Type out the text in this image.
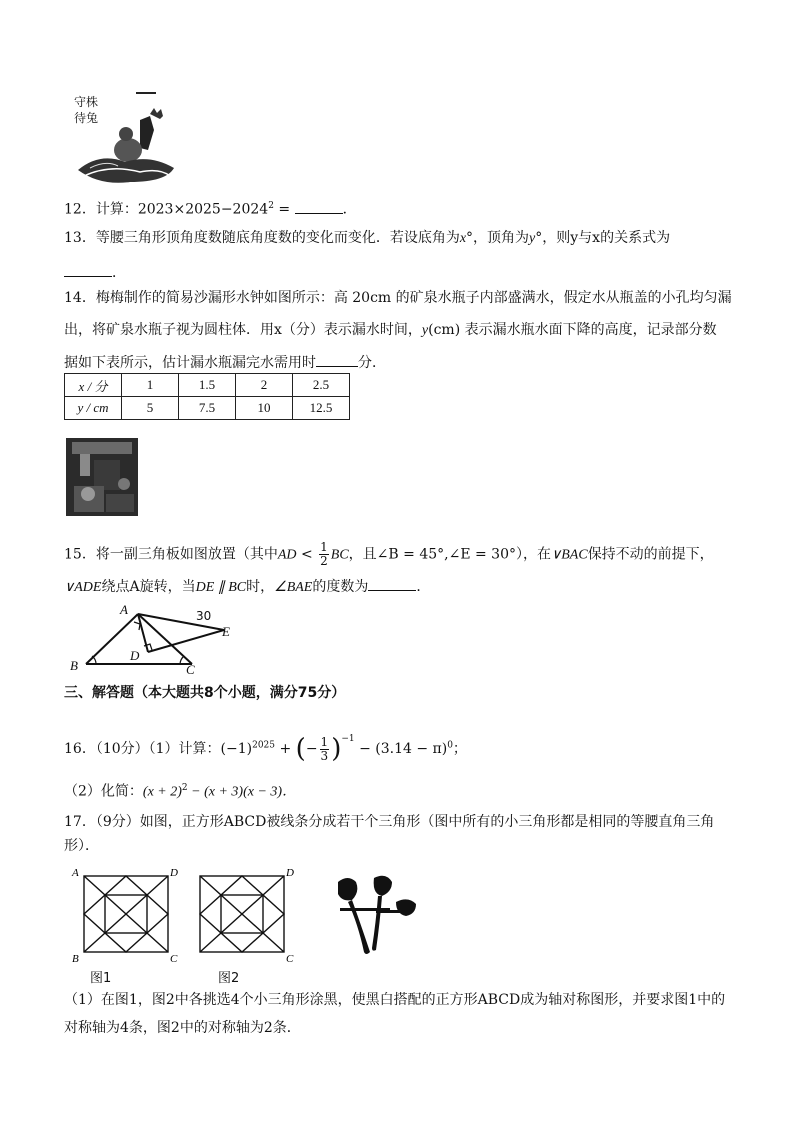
守株
待兔
12．计算：$2023\times 2025-2024^2$ =	．
13．等腰三角形顶角度数随底角度数的变化而变化．若设底角为x°，顶角为y°，则y与x的关系式为
．
14．梅梅制作的简易沙漏形水钟如图所示：高 20cm 的矿泉水瓶子内部盛满水，假定水从瓶盖的小孔均匀漏
出，将矿泉水瓶子视为圆柱体．用x（分）表示漏水时间，y(cm) 表示漏水瓶水面下降的高度，记录部分数
据如下表所示，估计漏水瓶漏完水需用时	分．
x / 分	1	1.5	2	2.5
y / cm	5	7.5	10	12.5
15．将一副三角板如图放置（其中AD < $\frac{1}{2}$ BC，且∠B = 45°,∠E = 30°），在∨BAC保持不动的前提下，
∨ADE绕点A旋转，当DE ∥ BC时，∠BAE的度数为	．
A
B	C
D
E
30
三、解答题（本大题共8个小题，满分75分）
16．（10分）（1）计算：$(-1)^{2025}$ + (− $\frac{1}{3} )^{-1} - (3.14 - \pi)^0$；
（2）化简：$(x + 2)^2 - (x + 3)(x - 3)$．
17．（9分）如图，正方形ABCD被线条分成若干个三角形（图中所有的小三角形都是相同的等腰直角三角
形）．
A	D
B	C
图1
D
C
图2
（1）在图1，图2中各挑选4个小三角形涂黑，使黑白搭配的正方形ABCD成为轴对称图形，并要求图1中的
对称轴为4条，图2中的对称轴为2条．
